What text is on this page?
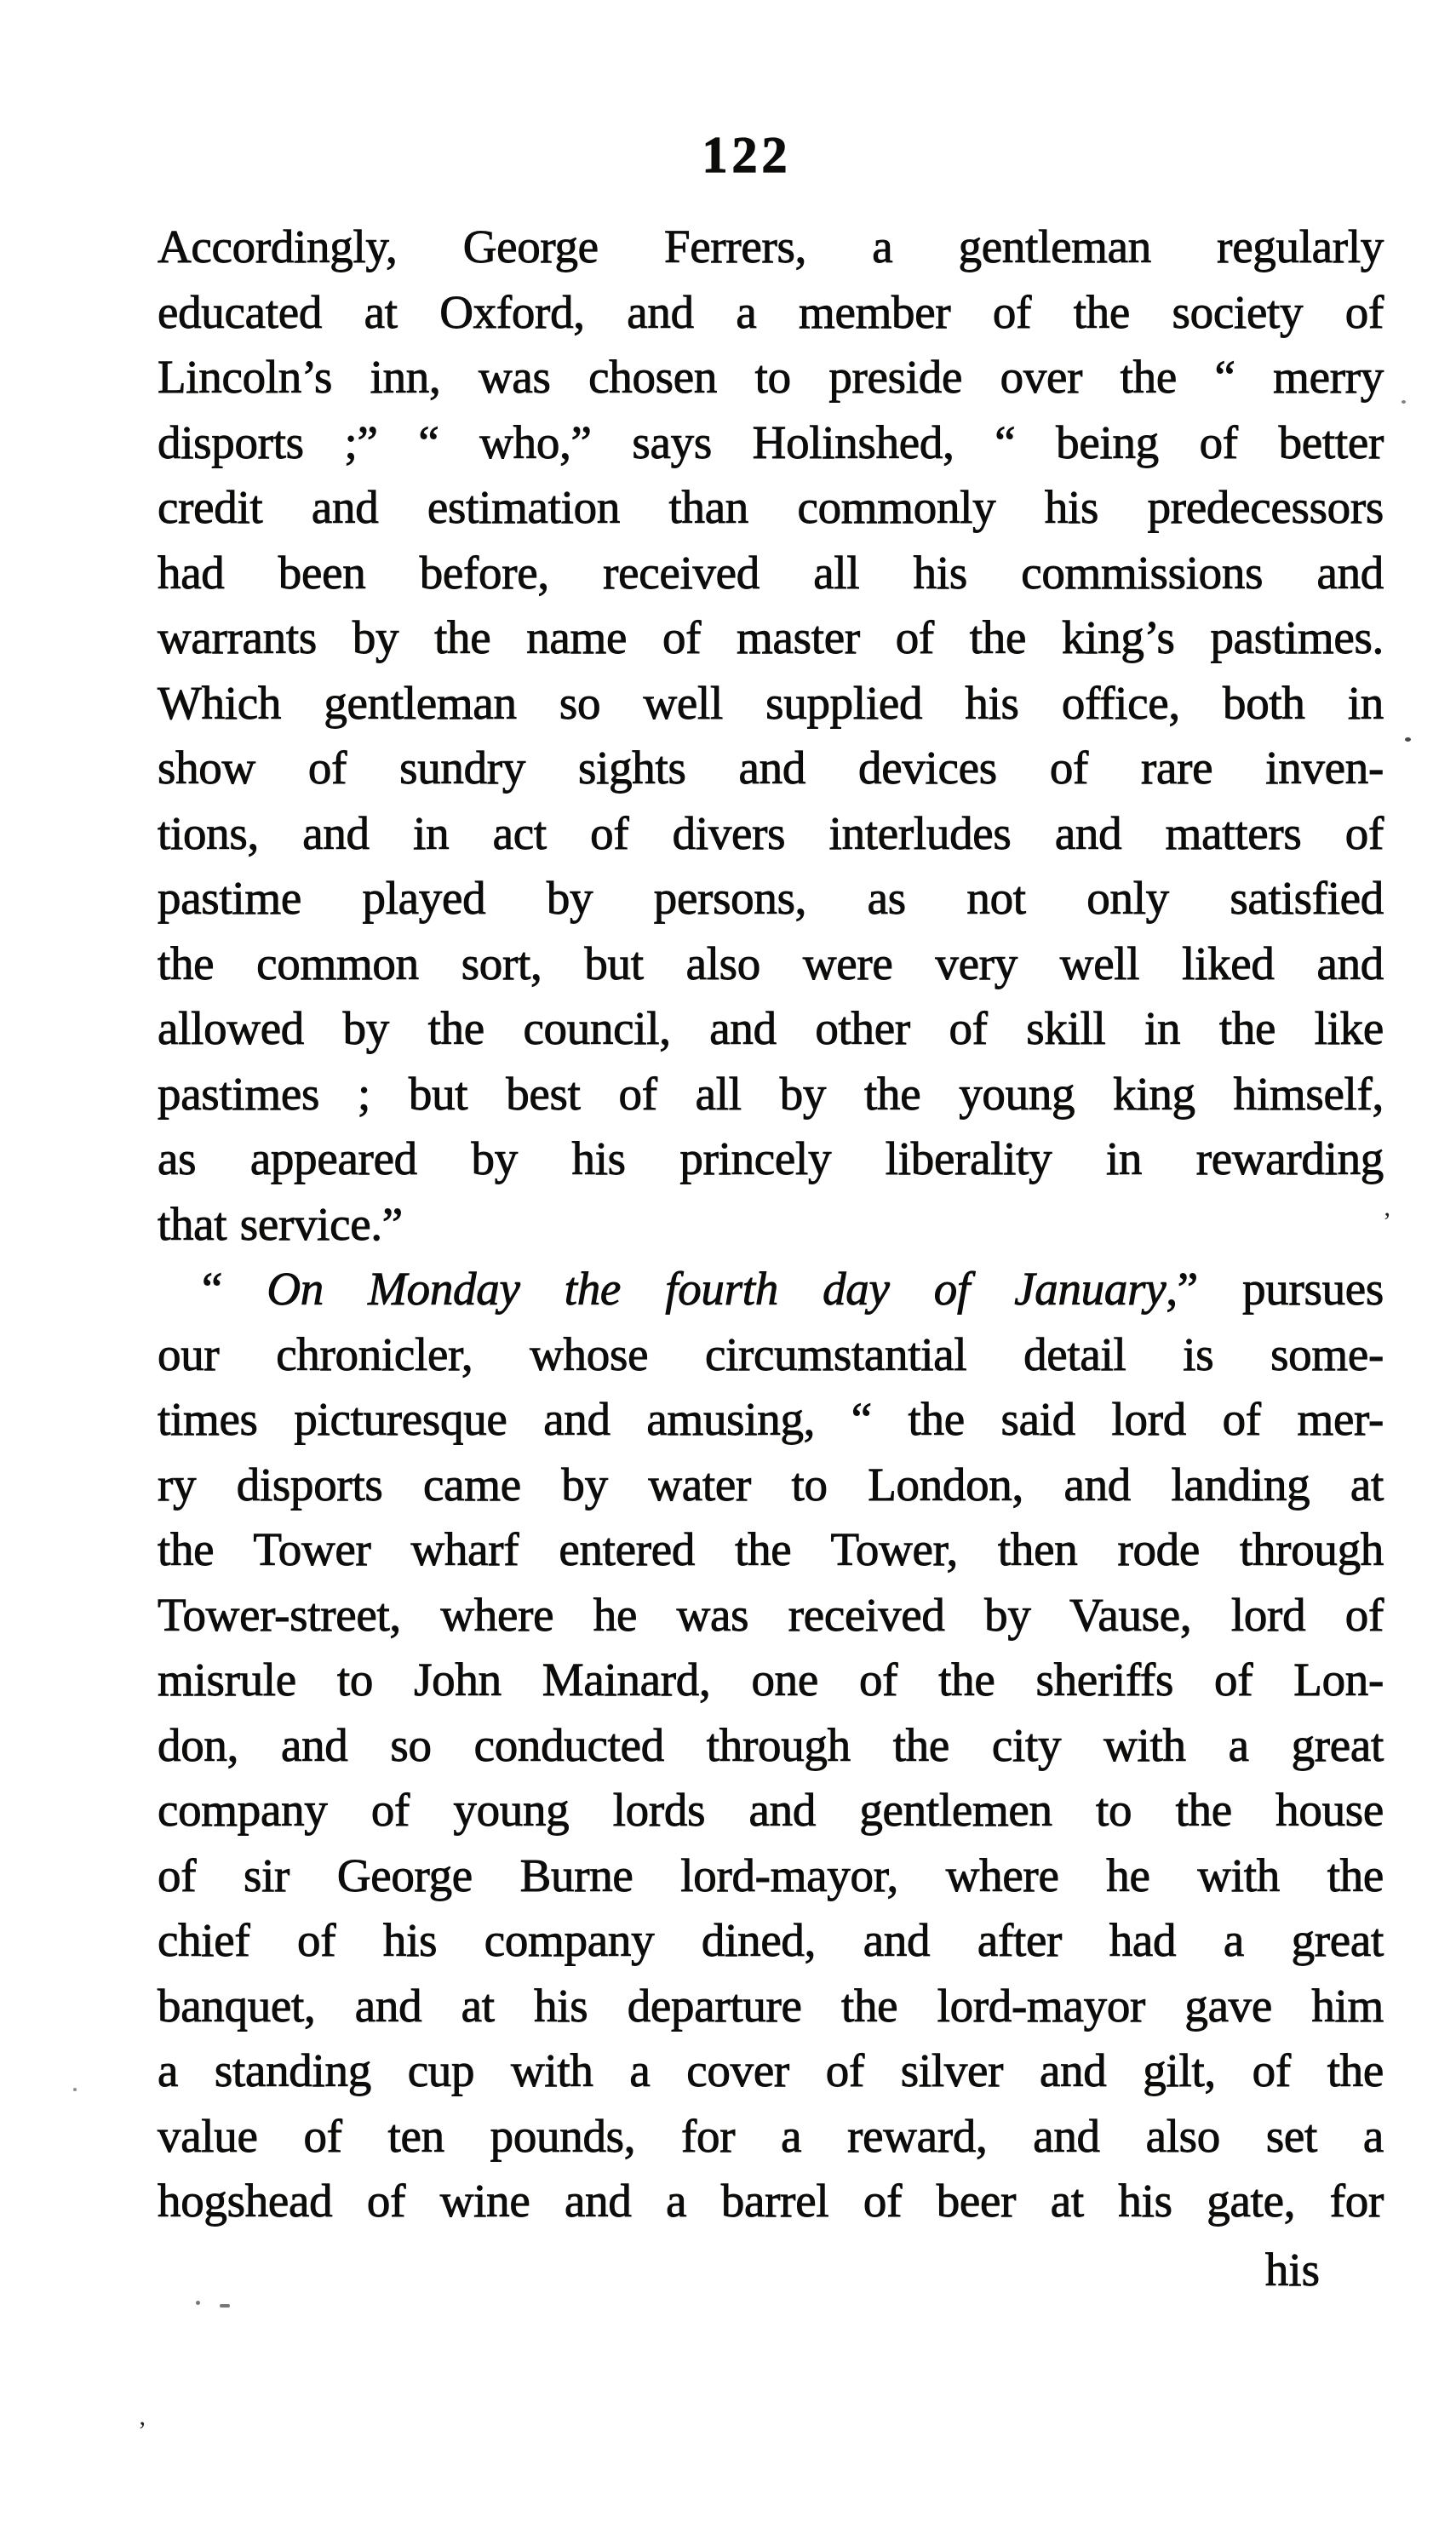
122
Accordingly, George Ferrers, a gentleman regularly
educated at Oxford, and a member of the society of
Lincoln’s inn, was chosen to preside over the “ merry
disports ;” “ who,” says Holinshed, “ being of better
credit and estimation than commonly his predecessors
had been before, received all his commissions and
warrants by the name of master of the king’s pastimes.
Which gentleman so well supplied his office, both in
show of sundry sights and devices of rare inven-
tions, and in act of divers interludes and matters of
pastime played by persons, as not only satisfied
the common sort, but also were very well liked and
allowed by the council, and other of skill in the like
pastimes ; but best of all by the young king himself,
as appeared by his princely liberality in rewarding
that service.”
“ On Monday the fourth day of January,” pursues
our chronicler, whose circumstantial detail is some-
times picturesque and amusing, “ the said lord of mer-
ry disports came by water to London, and landing at
the Tower wharf entered the Tower, then rode through
Tower-street, where he was received by Vause, lord of
misrule to John Mainard, one of the sheriffs of Lon-
don, and so conducted through the city with a great
company of young lords and gentlemen to the house
of sir George Burne lord-mayor, where he with the
chief of his company dined, and after had a great
banquet, and at his departure the lord-mayor gave him
a standing cup with a cover of silver and gilt, of the
value of ten pounds, for a reward, and also set a
hogshead of wine and a barrel of beer at his gate, for
his
’
’
